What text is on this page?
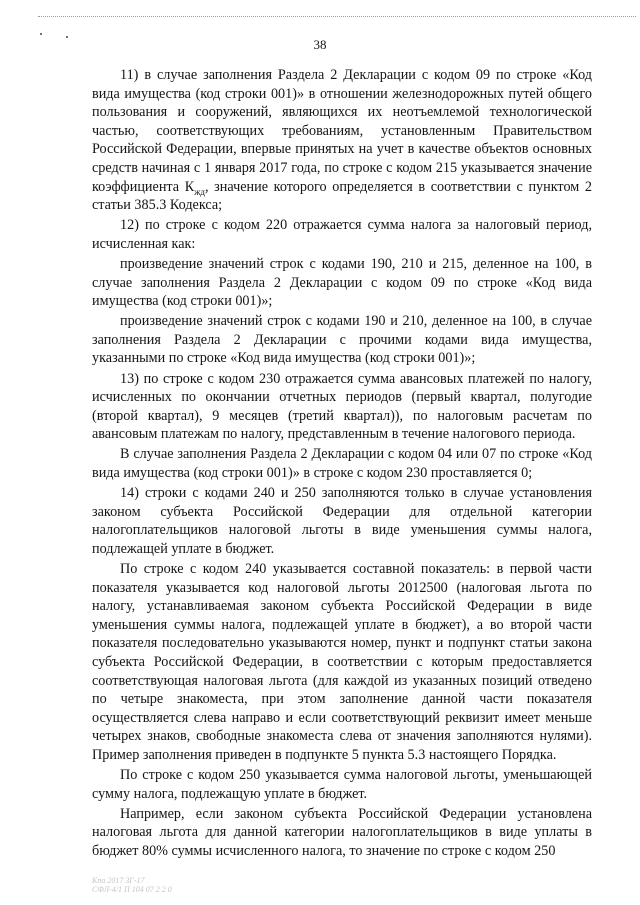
38

11) в случае заполнения Раздела 2 Декларации с кодом 09 по строке «Код вида имущества (код строки 001)» в отношении железнодорожных путей общего пользования и сооружений, являющихся их неотъемлемой технологической частью, соответствующих требованиям, установленным Правительством Российской Федерации, впервые принятых на учет в качестве объектов основных средств начиная с 1 января 2017 года, по строке с кодом 215 указывается значение коэффициента $К_{жд}$, значение которого определяется в соответствии с пунктом 2 статьи 385.3 Кодекса;

12) по строке с кодом 220 отражается сумма налога за налоговый период, исчисленная как:

произведение значений строк с кодами 190, 210 и 215, деленное на 100, в случае заполнения Раздела 2 Декларации с кодом 09 по строке «Код вида имущества (код строки 001)»;

произведение значений строк с кодами 190 и 210, деленное на 100, в случае заполнения Раздела 2 Декларации с прочими кодами вида имущества, указанными по строке «Код вида имущества (код строки 001)»;

13) по строке с кодом 230 отражается сумма авансовых платежей по налогу, исчисленных по окончании отчетных периодов (первый квартал, полугодие (второй квартал), 9 месяцев (третий квартал)), по налоговым расчетам по авансовым платежам по налогу, представленным в течение налогового периода.

В случае заполнения Раздела 2 Декларации с кодом 04 или 07 по строке «Код вида имущества (код строки 001)» в строке с кодом 230 проставляется 0;

14) строки с кодами 240 и 250 заполняются только в случае установления законом субъекта Российской Федерации для отдельной категории налогоплательщиков налоговой льготы в виде уменьшения суммы налога, подлежащей уплате в бюджет.

По строке с кодом 240 указывается составной показатель: в первой части показателя указывается код налоговой льготы 2012500 (налоговая льгота по налогу, устанавливаемая законом субъекта Российской Федерации в виде уменьшения суммы налога, подлежащей уплате в бюджет), а во второй части показателя последовательно указываются номер, пункт и подпункт статьи закона субъекта Российской Федерации, в соответствии с которым предоставляется соответствующая налоговая льгота (для каждой из указанных позиций отведено по четыре знакоместа, при этом заполнение данной части показателя осуществляется слева направо и если соответствующий реквизит имеет меньше четырех знаков, свободные знакоместа слева от значения заполняются нулями). Пример заполнения приведен в подпункте 5 пункта 5.3 настоящего Порядка.

По строке с кодом 250 указывается сумма налоговой льготы, уменьшающей сумму налога, подлежащую уплате в бюджет.

Например, если законом субъекта Российской Федерации установлена налоговая льгота для данной категории налогоплательщиков в виде уплаты в бюджет 80% суммы исчисленного налога, то значение по строке с кодом 250

Кпо 2017 ЗГ-17
СФЛ-4/1 П 104 07 2 2 0
